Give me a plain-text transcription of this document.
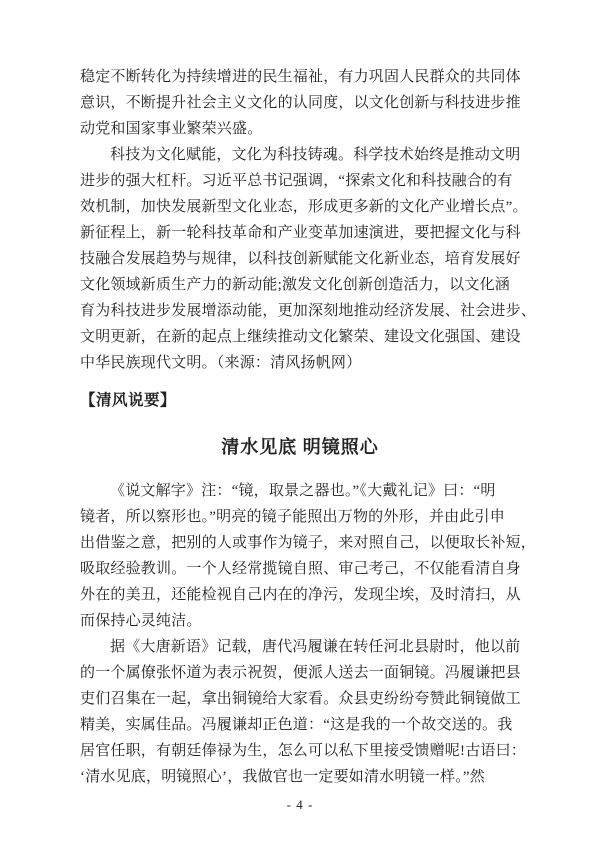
稳定不断转化为持续增进的民生福祉，有力巩固人民群众的共同体
意识，不断提升社会主义文化的认同度，以文化创新与科技进步推
动党和国家事业繁荣兴盛。
科技为文化赋能，文化为科技铸魂。科学技术始终是推动文明
进步的强大杠杆。习近平总书记强调，“探索文化和科技融合的有
效机制，加快发展新型文化业态，形成更多新的文化产业增长点”。
新征程上，新一轮科技革命和产业变革加速演进，要把握文化与科
技融合发展趋势与规律，以科技创新赋能文化新业态，培育发展好
文化领域新质生产力的新动能;激发文化创新创造活力，以文化涵
育为科技进步发展增添动能，更加深刻地推动经济发展、社会进步、
文明更新，在新的起点上继续推动文化繁荣、建设文化强国、建设
中华民族现代文明。（来源：清风扬帆网）
【清风说要】
清水见底 明镜照心
《说文解字》注：“镜，取景之器也。”《大戴礼记》曰：“明
镜者，所以察形也。”明亮的镜子能照出万物的外形，并由此引申
出借鉴之意，把别的人或事作为镜子，来对照自己，以便取长补短，
吸取经验教训。一个人经常揽镜自照、审己考己，不仅能看清自身
外在的美丑，还能检视自己内在的净污，发现尘埃，及时清扫，从
而保持心灵纯洁。
据《大唐新语》记载，唐代冯履谦在转任河北县尉时，他以前
的一个属僚张怀道为表示祝贺，便派人送去一面铜镜。冯履谦把县
吏们召集在一起，拿出铜镜给大家看。众县吏纷纷夸赞此铜镜做工
精美，实属佳品。冯履谦却正色道：“这是我的一个故交送的。我
居官任职，有朝廷俸禄为生，怎么可以私下里接受馈赠呢!古语曰：
‘清水见底，明镜照心’，我做官也一定要如清水明镜一样。”然
- 4 -
